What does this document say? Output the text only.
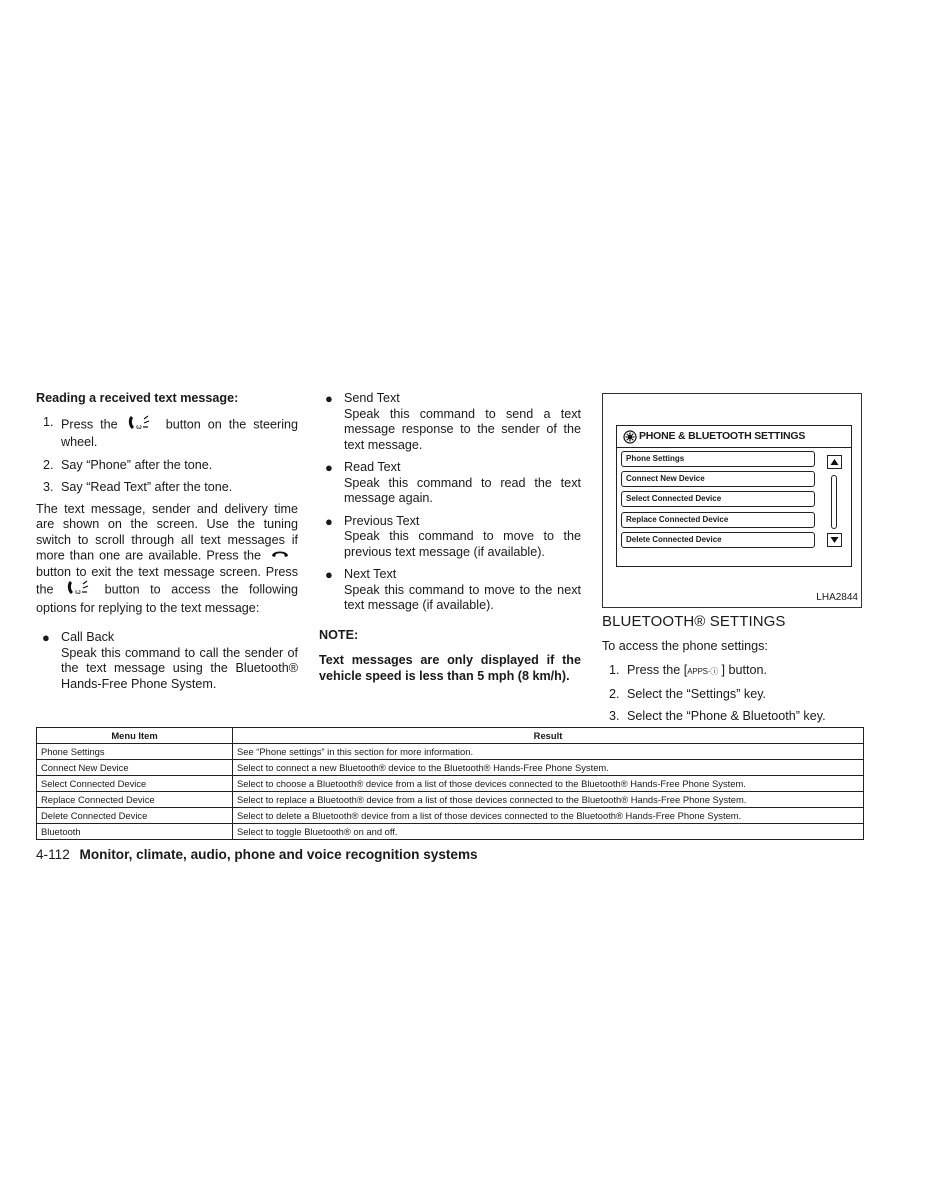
Reading a received text message:

1. Press the	ω button on the steering wheel.
2. Say “Phone” after the tone.
3. Say “Read Text” after the tone.

The text message, sender and delivery time are shown on the screen. Use the tuning switch to scroll through all text messages if more than one are available. Press the  button to exit the text message screen. Press the	ω button to access the following options for replying to the text message:

● Call Back

Speak this command to call the sender of the text message using the Bluetooth® Hands-Free Phone System.

● Send Text

Speak this command to send a text message response to the sender of the text message.

● Read Text

Speak this command to read the text message again.

● Previous Text

Speak this command to move to the previous text message (if available).

● Next Text

Speak this command to move to the next text message (if available).

NOTE:

Text messages are only displayed if the vehicle speed is less than 5 mph (8 km/h).

PHONE & BLUETOOTH SETTINGS
Phone Settings
Connect New Device
Select Connected Device
Replace Connected Device
Delete Connected Device
LHA2844

BLUETOOTH® SETTINGS

To access the phone settings:

1. Press the [APPS·ⓘ ] button.
2. Select the “Settings” key.
3. Select the “Phone & Bluetooth” key.
Menu Item	Result
Phone Settings	See “Phone settings” in this section for more information.
Connect New Device	Select to connect a new Bluetooth® device to the Bluetooth® Hands-Free Phone System.
Select Connected Device	Select to choose a Bluetooth® device from a list of those devices connected to the Bluetooth® Hands-Free Phone System.
Replace Connected Device	Select to replace a Bluetooth® device from a list of those devices connected to the Bluetooth® Hands-Free Phone System.
Delete Connected Device	Select to delete a Bluetooth® device from a list of those devices connected to the Bluetooth® Hands-Free Phone System.
Bluetooth	Select to toggle Bluetooth® on and off.
4-112 Monitor, climate, audio, phone and voice recognition systems
